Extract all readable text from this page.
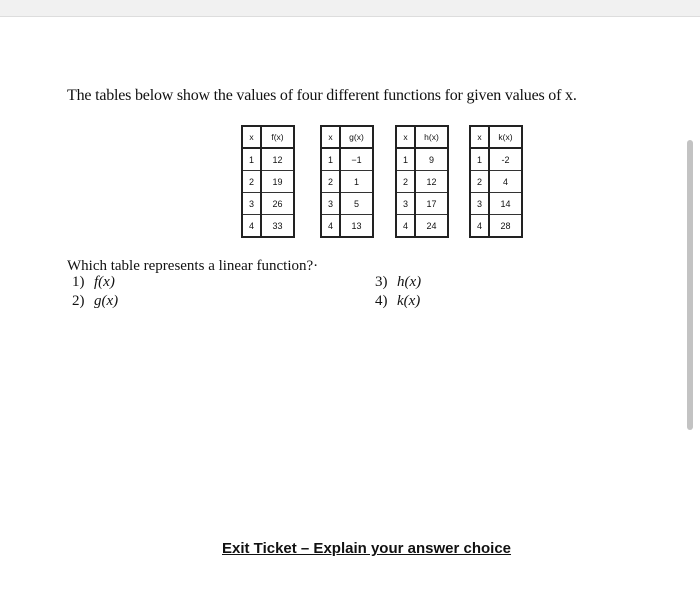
The tables below show the values of four different functions for given values of x.
x	f(x)
1	12
2	19
3	26
4	33
x	g(x)
1	−1
2	1
3	5
4	13
x	h(x)
1	9
2	12
3	17
4	24
x	k(x)
1	-2
2	4
3	14
4	28
Which table represents a linear function?·
1) f(x)
2) g(x)
3) h(x)
4) k(x)
Exit Ticket – Explain your answer choice
